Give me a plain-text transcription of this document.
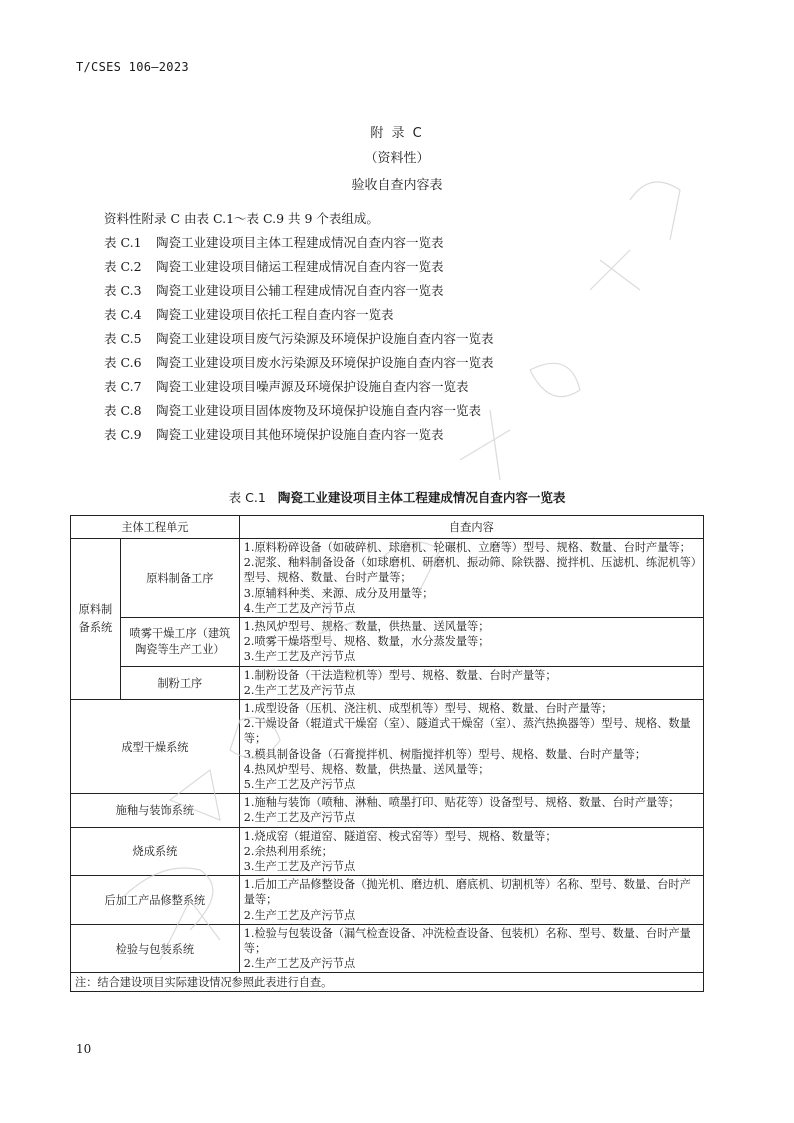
T/CSES 106—2023
附 录 C
（资料性）
验收自查内容表
资料性附录 C 由表 C.1～表 C.9 共 9 个表组成。
表 C.1 陶瓷工业建设项目主体工程建成情况自查内容一览表
表 C.2 陶瓷工业建设项目储运工程建成情况自查内容一览表
表 C.3 陶瓷工业建设项目公辅工程建成情况自查内容一览表
表 C.4 陶瓷工业建设项目依托工程自查内容一览表
表 C.5 陶瓷工业建设项目废气污染源及环境保护设施自查内容一览表
表 C.6 陶瓷工业建设项目废水污染源及环境保护设施自查内容一览表
表 C.7 陶瓷工业建设项目噪声源及环境保护设施自查内容一览表
表 C.8 陶瓷工业建设项目固体废物及环境保护设施自查内容一览表
表 C.9 陶瓷工业建设项目其他环境保护设施自查内容一览表
表 C.1 陶瓷工业建设项目主体工程建成情况自查内容一览表
主体工程单元		自查内容
原料制备系统	原料制备工序	1.原料粉碎设备（如破碎机、球磨机、轮碾机、立磨等）型号、规格、数量、台时产量等；
2.泥浆、釉料制备设备（如球磨机、研磨机、振动筛、除铁器、搅拌机、压滤机、练泥机等）型号、规格、数量、台时产量等；
3.原辅料种类、来源、成分及用量等；
4.生产工艺及产污节点

	喷雾干燥工序（建筑陶瓷等生产工业）	1.热风炉型号、规格、数量，供热量、送风量等；
2.喷雾干燥塔型号、规格、数量，水分蒸发量等；
3.生产工艺及产污节点

	制粉工序	1.制粉设备（干法造粒机等）型号、规格、数量、台时产量等；
2.生产工艺及产污节点

成型干燥系统		1.成型设备（压机、浇注机、成型机等）型号、规格、数量、台时产量等；
2.干燥设备（辊道式干燥窑（室）、隧道式干燥窑（室）、蒸汽热换器等）型号、规格、数量等；
3.模具制备设备（石膏搅拌机、树脂搅拌机等）型号、规格、数量、台时产量等；
4.热风炉型号、规格、数量，供热量、送风量等；
5.生产工艺及产污节点

施釉与装饰系统		1.施釉与装饰（喷釉、淋釉、喷墨打印、贴花等）设备型号、规格、数量、台时产量等；
2.生产工艺及产污节点

烧成系统		1.烧成窑（辊道窑、隧道窑、梭式窑等）型号、规格、数量等；
2.余热利用系统；
3.生产工艺及产污节点

后加工产品修整系统		1.后加工产品修整设备（抛光机、磨边机、磨底机、切割机等）名称、型号、数量、台时产量等；
2.生产工艺及产污节点

检验与包装系统		1.检验与包装设备（漏气检查设备、冲洗检查设备、包装机）名称、型号、数量、台时产量等；
2.生产工艺及产污节点

注：结合建设项目实际建设情况参照此表进行自查。		
10
